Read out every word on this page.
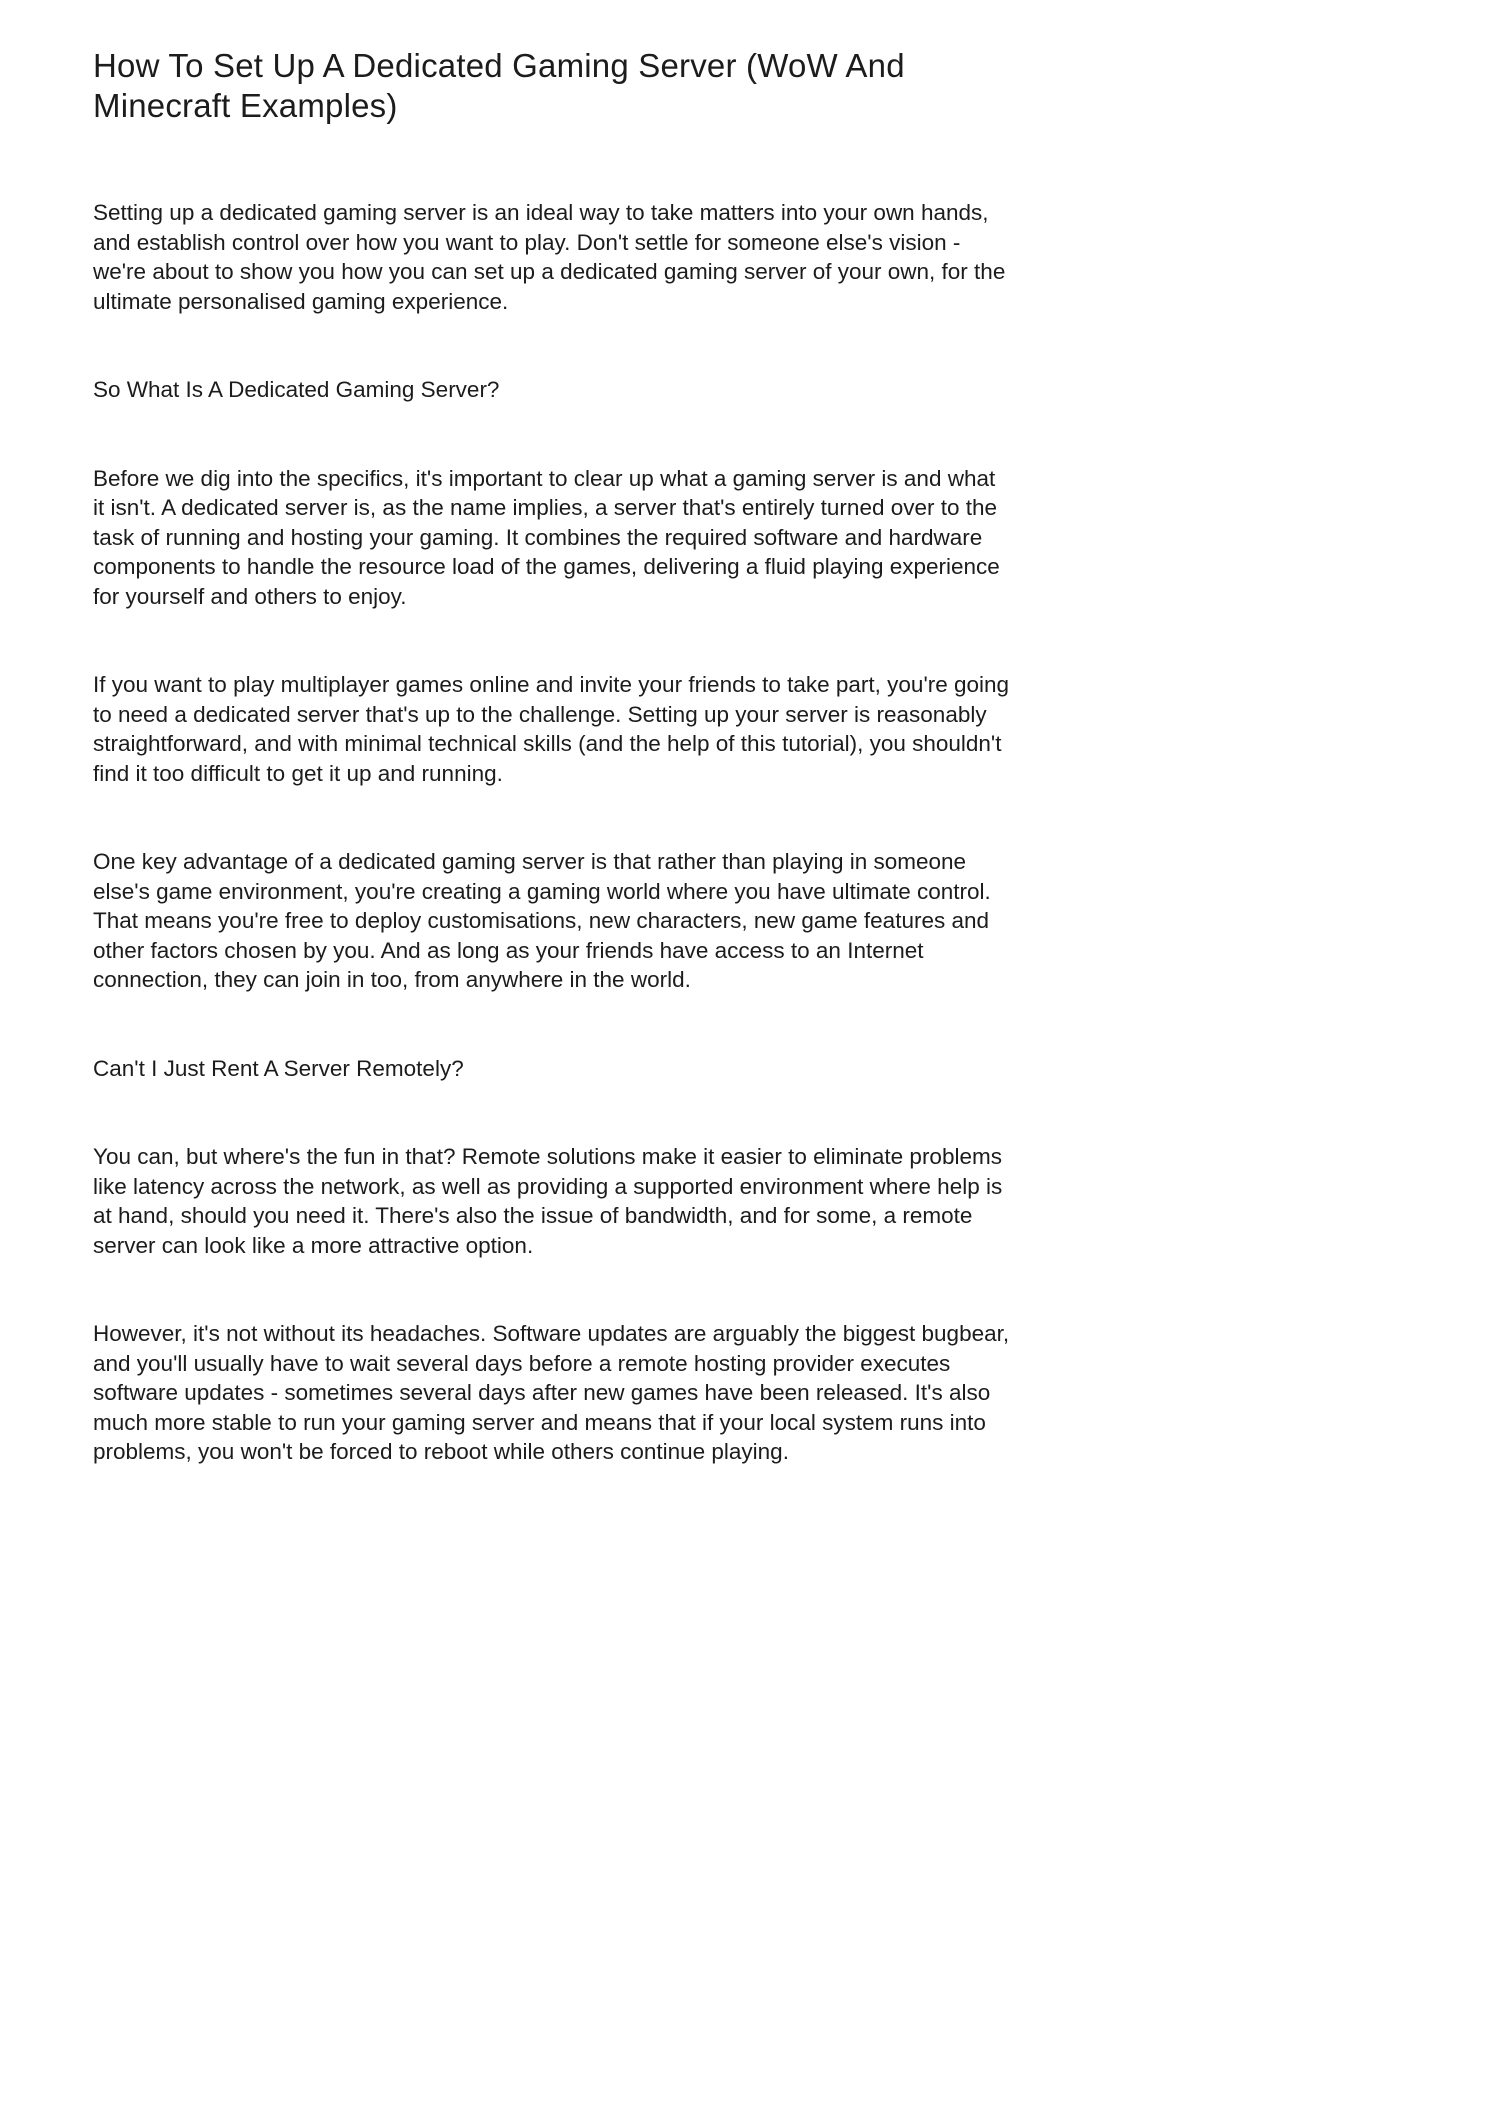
How To Set Up A Dedicated Gaming Server (WoW And Minecraft Examples)

Setting up a dedicated gaming server is an ideal way to take matters into your own hands, and establish control over how you want to play. Don't settle for someone else's vision - we're about to show you how you can set up a dedicated gaming server of your own, for the ultimate personalised gaming experience.

So What Is A Dedicated Gaming Server?

Before we dig into the specifics, it's important to clear up what a gaming server is and what it isn't. A dedicated server is, as the name implies, a server that's entirely turned over to the task of running and hosting your gaming. It combines the required software and hardware components to handle the resource load of the games, delivering a fluid playing experience for yourself and others to enjoy.

If you want to play multiplayer games online and invite your friends to take part, you're going to need a dedicated server that's up to the challenge. Setting up your server is reasonably straightforward, and with minimal technical skills (and the help of this tutorial), you shouldn't find it too difficult to get it up and running.

One key advantage of a dedicated gaming server is that rather than playing in someone else's game environment, you're creating a gaming world where you have ultimate control. That means you're free to deploy customisations, new characters, new game features and other factors chosen by you. And as long as your friends have access to an Internet connection, they can join in too, from anywhere in the world.

Can't I Just Rent A Server Remotely?

You can, but where's the fun in that? Remote solutions make it easier to eliminate problems like latency across the network, as well as providing a supported environment where help is at hand, should you need it. There's also the issue of bandwidth, and for some, a remote server can look like a more attractive option.

However, it's not without its headaches. Software updates are arguably the biggest bugbear, and you'll usually have to wait several days before a remote hosting provider executes software updates - sometimes several days after new games have been released. It's also much more stable to run your gaming server and means that if your local system runs into problems, you won't be forced to reboot while others continue playing.
